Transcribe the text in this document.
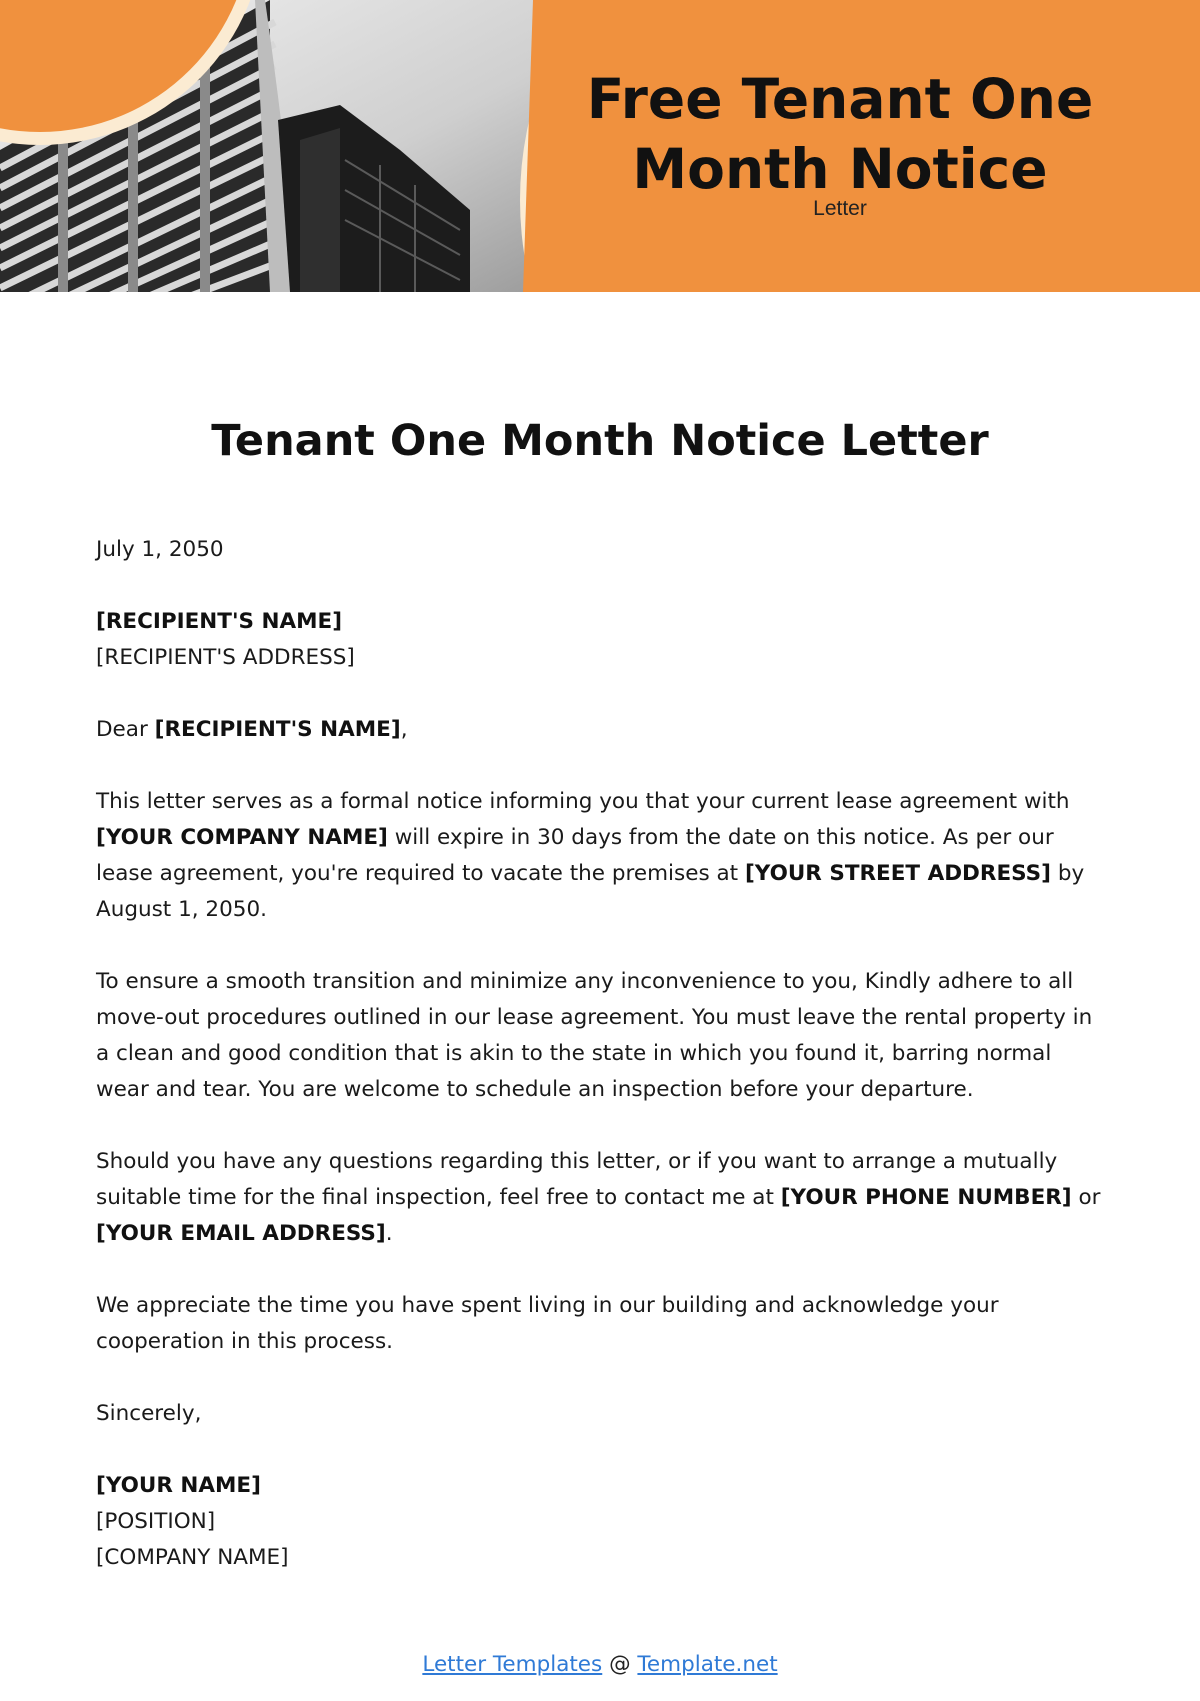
Free Tenant One Month Notice
Letter
Tenant One Month Notice Letter

July 1, 2050

[RECIPIENT'S NAME]
[RECIPIENT'S ADDRESS]

Dear [RECIPIENT'S NAME],

This letter serves as a formal notice informing you that your current lease agreement with [YOUR COMPANY NAME] will expire in 30 days from the date on this notice. As per our lease agreement, you're required to vacate the premises at [YOUR STREET ADDRESS] by August 1, 2050.

To ensure a smooth transition and minimize any inconvenience to you, Kindly adhere to all move-out procedures outlined in our lease agreement. You must leave the rental property in a clean and good condition that is akin to the state in which you found it, barring normal wear and tear. You are welcome to schedule an inspection before your departure.

Should you have any questions regarding this letter, or if you want to arrange a mutually suitable time for the final inspection, feel free to contact me at [YOUR PHONE NUMBER] or [YOUR EMAIL ADDRESS].

We appreciate the time you have spent living in our building and acknowledge your cooperation in this process.

Sincerely,

[YOUR NAME]
[POSITION]
[COMPANY NAME]

Letter Templates @ Template.net
